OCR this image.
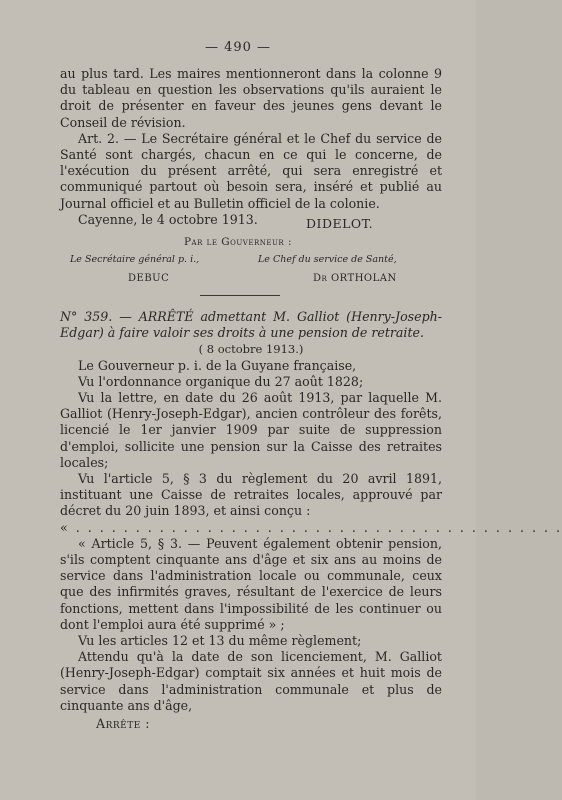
— 490 —

au plus tard. Les maires mentionneront dans la colonne 9 du tableau en question les observations qu'ils auraient le droit de présenter en faveur des jeunes gens devant le Conseil de révision.

Art. 2. — Le Secrétaire général et le Chef du service de Santé sont chargés, chacun en ce qui le concerne, de l'exécution du présent arrêté, qui sera enregistré et communiqué partout où besoin sera, inséré et publié au Journal officiel et au Bulletin officiel de la colonie.

Cayenne, le 4 octobre 1913.	DIDELOT.
Par le Gouverneur :
Le Secrétaire général p. i.,	Le Chef du service de Santé,
DEBUC	Dr ORTHOLAN

N° 359. — ARRÊTÉ admettant M. Galliot (Henry-Joseph-Edgar) à faire valoir ses droits à une pension de retraite.

( 8 octobre 1913.)

Le Gouverneur p. i. de la Guyane française,

Vu l'ordonnance organique du 27 août 1828;

Vu la lettre, en date du 26 août 1913, par laquelle M. Galliot (Henry-Joseph-Edgar), ancien contrôleur des forêts, licencié le 1er janvier 1909 par suite de suppression d'emploi, sollicite une pension sur la Caisse des retraites locales;

Vu l'article 5, § 3 du règlement du 20 avril 1891, instituant une Caisse de retraites locales, approuvé par décret du 20 juin 1893, et ainsi conçu :

« . . . . . . . . . . . . . . . . . . . . . . . . . . . . . . . . . . . . . . . . .

« Article 5, § 3. — Peuvent également obtenir pension, s'ils comptent cinquante ans d'âge et six ans au moins de service dans l'administration locale ou communale, ceux que des infirmités graves, résultant de l'exercice de leurs fonctions, mettent dans l'impossibilité de les continuer ou dont l'emploi aura été supprimé » ;

Vu les articles 12 et 13 du même règlement;

Attendu qu'à la date de son licenciement, M. Galliot (Henry-Joseph-Edgar) comptait six années et huit mois de service dans l'administration communale et plus de cinquante ans d'âge,

Arrête :
